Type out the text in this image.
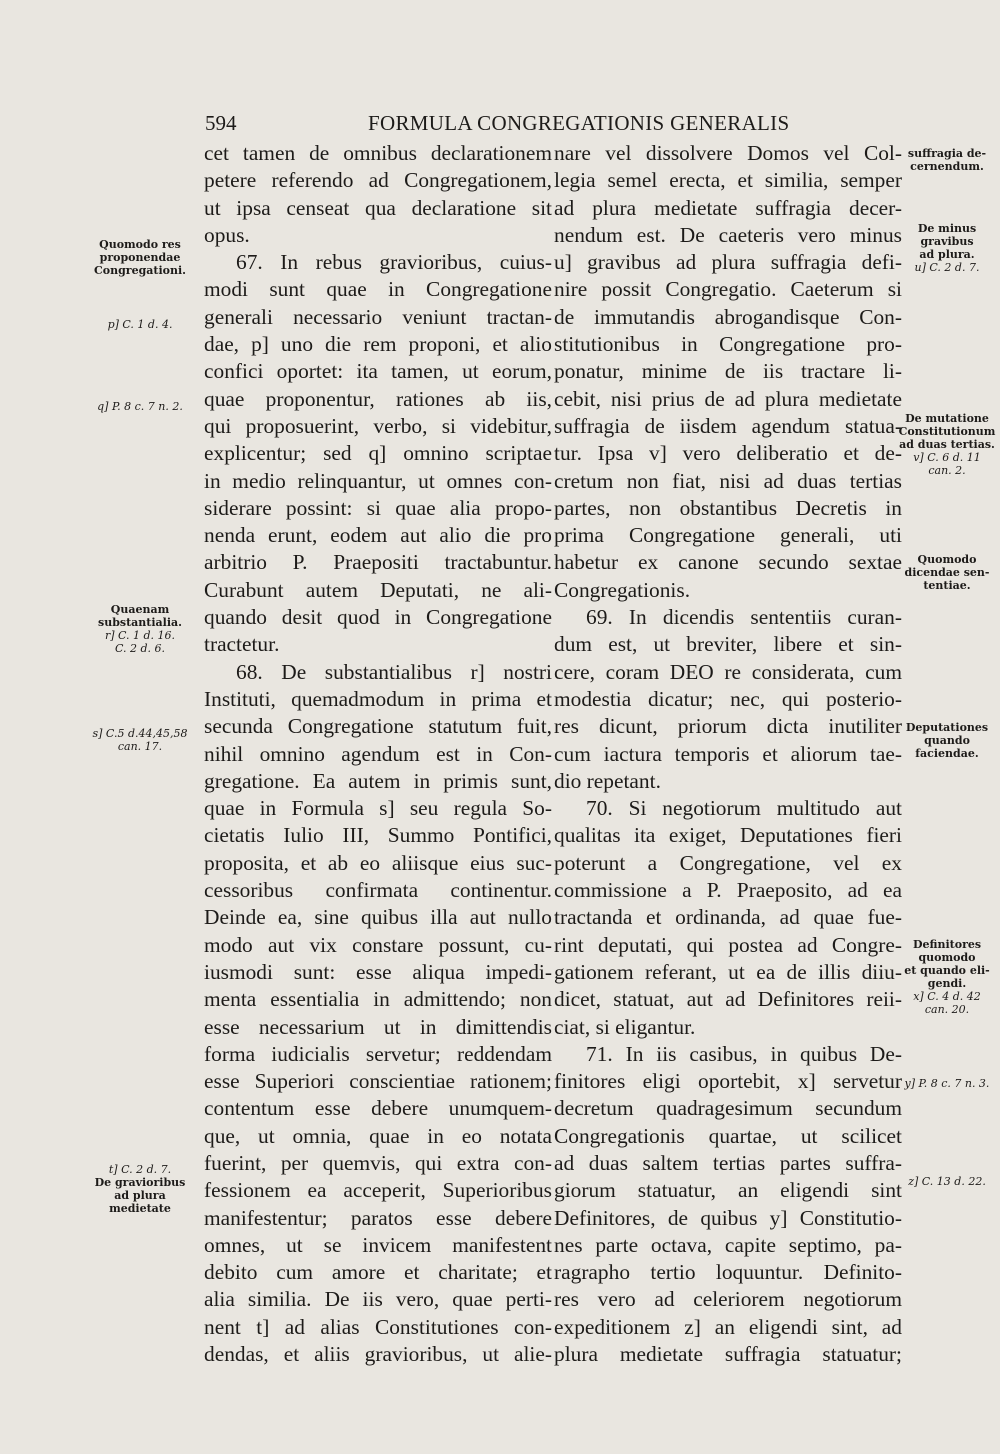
594	FORMULA CONGREGATIONIS GENERALIS
cet tamen de omnibus declarationem
petere referendo ad Congregationem,
ut ipsa censeat qua declaratione sit
opus.
67. In rebus gravioribus, cuius-
modi sunt quae in Congregatione
generali necessario veniunt tractan-
dae, p] uno die rem proponi, et alio
confici oportet: ita tamen, ut eorum,
quae proponentur, rationes ab iis,
qui proposuerint, verbo, si videbitur,
explicentur; sed q] omnino scriptae
in medio relinquantur, ut omnes con-
siderare possint: si quae alia propo-
nenda erunt, eodem aut alio die pro
arbitrio P. Praepositi tractabuntur.
Curabunt autem Deputati, ne ali-
quando desit quod in Congregatione
tractetur.
68. De substantialibus r] nostri
Instituti, quemadmodum in prima et
secunda Congregatione statutum fuit,
nihil omnino agendum est in Con-
gregatione. Ea autem in primis sunt,
quae in Formula s] seu regula So-
cietatis Iulio III, Summo Pontifici,
proposita, et ab eo aliisque eius suc-
cessoribus confirmata continentur.
Deinde ea, sine quibus illa aut nullo
modo aut vix constare possunt, cu-
iusmodi sunt: esse aliqua impedi-
menta essentialia in admittendo; non
esse necessarium ut in dimittendis
forma iudicialis servetur; reddendam
esse Superiori conscientiae rationem;
contentum esse debere unumquem-
que, ut omnia, quae in eo notata
fuerint, per quemvis, qui extra con-
fessionem ea acceperit, Superioribus
manifestentur; paratos esse debere
omnes, ut se invicem manifestent
debito cum amore et charitate; et
alia similia. De iis vero, quae perti-
nent t] ad alias Constitutiones con-
dendas, et aliis gravioribus, ut alie-
nare vel dissolvere Domos vel Col-
legia semel erecta, et similia, semper
ad plura medietate suffragia decer-
nendum est. De caeteris vero minus
u] gravibus ad plura suffragia defi-
nire possit Congregatio. Caeterum si
de immutandis abrogandisque Con-
stitutionibus in Congregatione pro-
ponatur, minime de iis tractare li-
cebit, nisi prius de ad plura medietate
suffragia de iisdem agendum statua-
tur. Ipsa v] vero deliberatio et de-
cretum non fiat, nisi ad duas tertias
partes, non obstantibus Decretis in
prima Congregatione generali, uti
habetur ex canone secundo sextae
Congregationis.
69. In dicendis sententiis curan-
dum est, ut breviter, libere et sin-
cere, coram DEO re considerata, cum
modestia dicatur; nec, qui posterio-
res dicunt, priorum dicta inutiliter
cum iactura temporis et aliorum tae-
dio repetant.
70. Si negotiorum multitudo aut
qualitas ita exiget, Deputationes fieri
poterunt a Congregatione, vel ex
commissione a P. Praeposito, ad ea
tractanda et ordinanda, ad quae fue-
rint deputati, qui postea ad Congre-
gationem referant, ut ea de illis diiu-
dicet, statuat, aut ad Definitores reii-
ciat, si eligantur.
71. In iis casibus, in quibus De-
finitores eligi oportebit, x] servetur
decretum quadragesimum secundum
Congregationis quartae, ut scilicet
ad duas saltem tertias partes suffra-
giorum statuatur, an eligendi sint
Definitores, de quibus y] Constitutio-
nes parte octava, capite septimo, pa-
ragrapho tertio loquuntur. Definito-
res vero ad celeriorem negotiorum
expeditionem z] an eligendi sint, ad
plura medietate suffragia statuatur;
Quomodo res
proponendae
Congregationi.
p] C. 1 d. 4.
q] P. 8 c. 7 n. 2.
Quaenam
substantialia.
r] C. 1 d. 16.
C. 2 d. 6.
s] C.5 d.44,45,58
can. 17.
t] C. 2 d. 7.
De gravioribus
ad plura
medietate
suffragia de-
cernendum.
De minus
gravibus
ad plura.
u] C. 2 d. 7.
De mutatione
Constitutionum
ad duas tertias.
v] C. 6 d. 11
can. 2.
Quomodo
dicendae sen-
tentiae.
Deputationes
quando
faciendae.
Definitores
quomodo
et quando eli-
gendi.
x] C. 4 d. 42
can. 20.
y] P. 8 c. 7 n. 3.
z] C. 13 d. 22.
